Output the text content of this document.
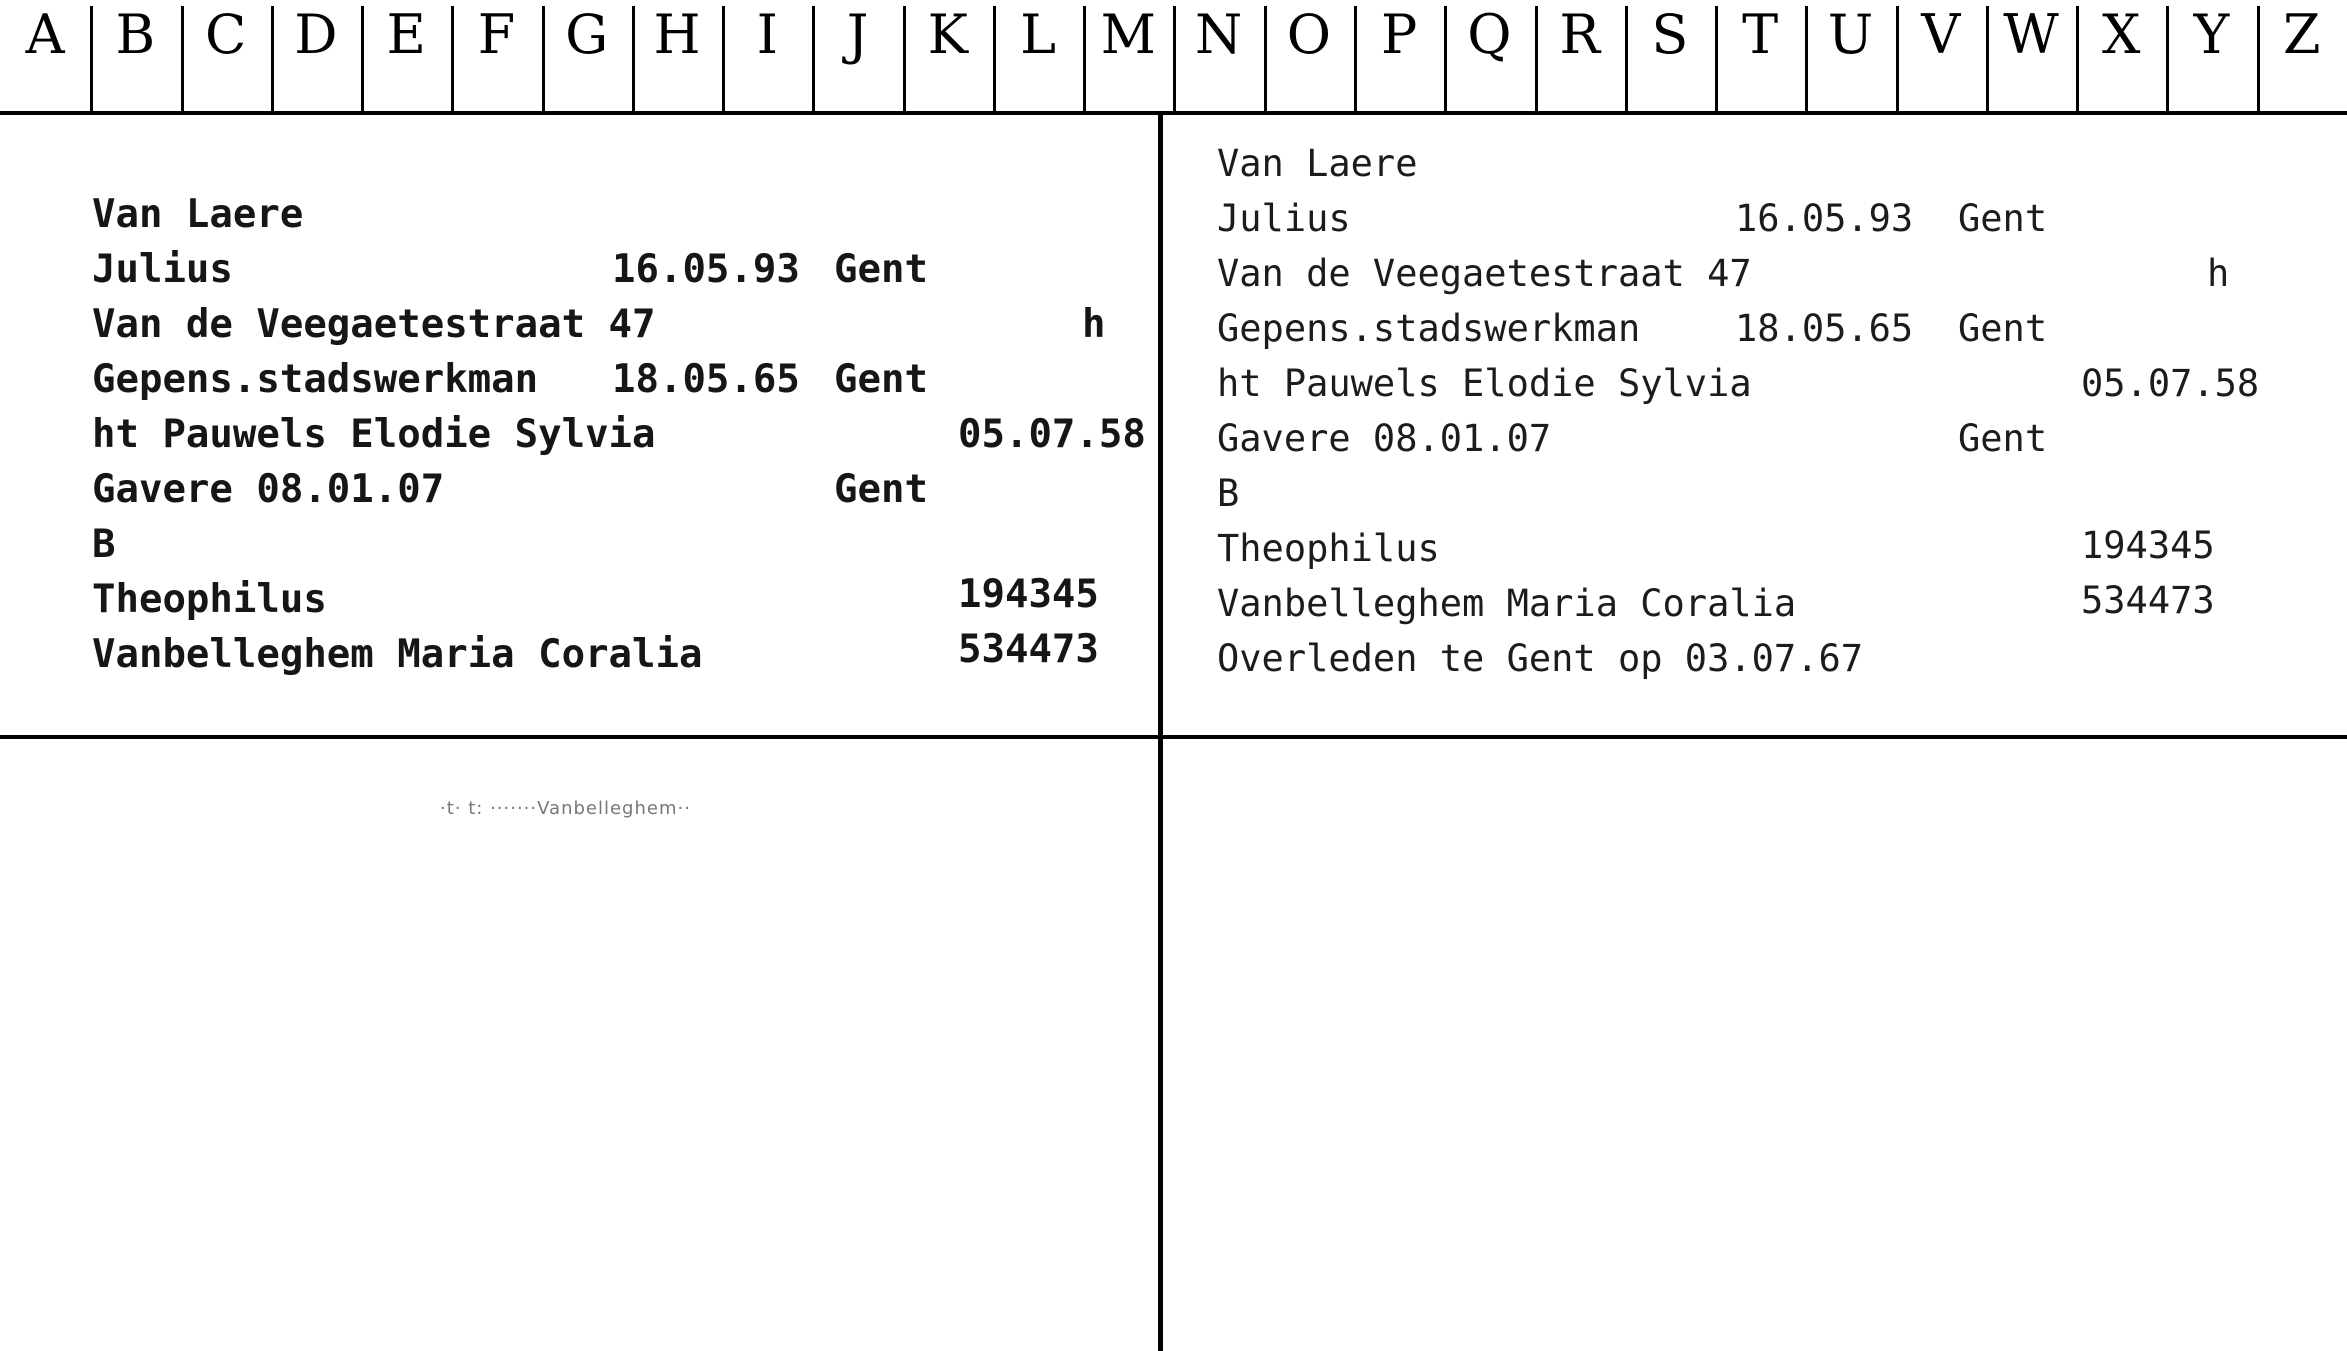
A B C D E F G H	I	J	K L M N O P Q R S T U V W X Y Z
Van Laere
Julius	16.05.93 Gent
Van de Veegaetestraat 47	h
Gepens.stadswerkman 18.05.65 Gent
ht Pauwels Elodie Sylvia	05.07.58
Gavere 08.01.07	Gent
B
Theophilus	194345
Vanbelleghem Maria Coralia	534473
Van Laere
Julius	16.05.93 Gent
Van de Veegaetestraat 47	h
Gepens.stadswerkman	18.05.65 Gent
ht Pauwels Elodie Sylvia	05.07.58
Gavere 08.01.07	Gent
B
Theophilus	194345
Vanbelleghem Maria Coralia	534473
Overleden te Gent op 03.07.67
·t· t: ·······Vanbelleghem··
